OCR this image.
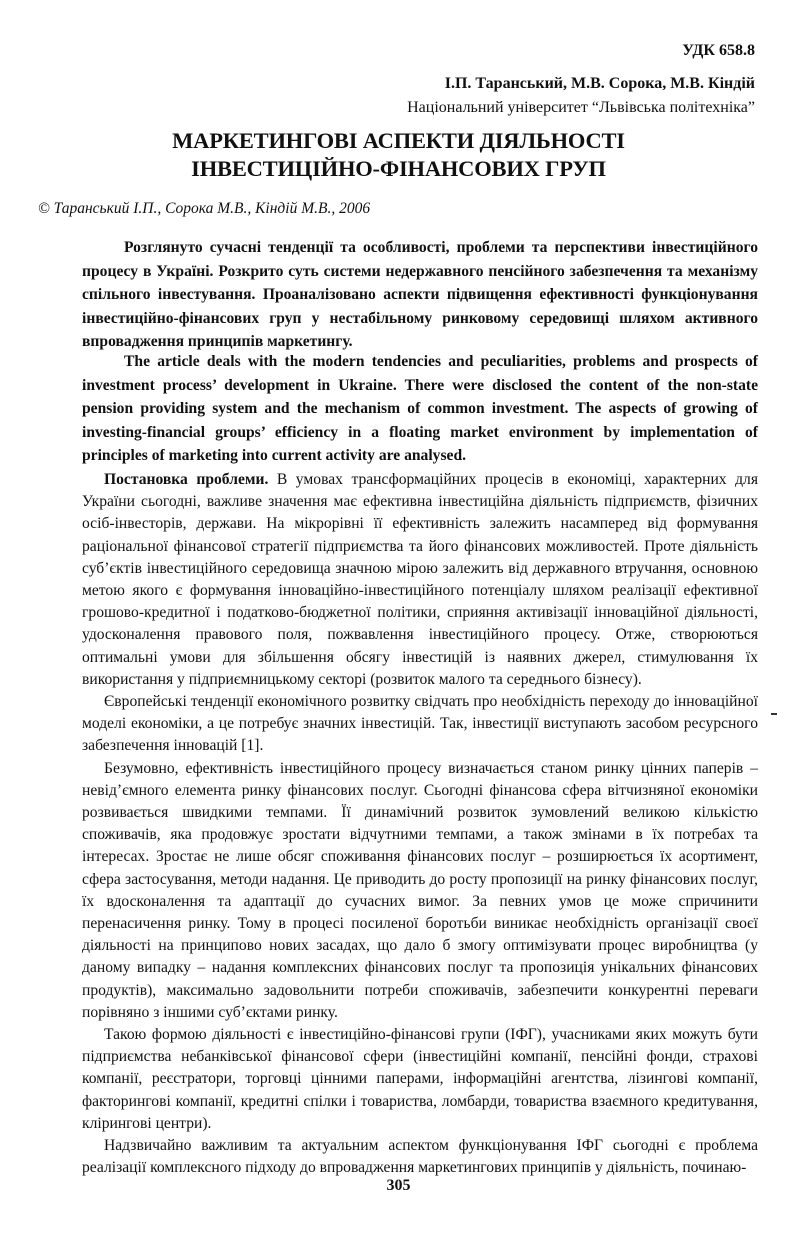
УДК 658.8
І.П. Таранський, М.В. Сорока, М.В. Кіндій
Національний університет “Львівська політехніка”
МАРКЕТИНГОВІ АСПЕКТИ ДІЯЛЬНОСТІ
ІНВЕСТИЦІЙНО-ФІНАНСОВИХ ГРУП
© Таранський І.П., Сорока М.В., Кіндій М.В., 2006

Розглянуто сучасні тенденції та особливості, проблеми та перспективи інвестиційного процесу в Україні. Розкрито суть системи недержавного пенсійного забезпечення та механізму спільного інвестування. Проаналізовано аспекти підвищення ефективності функціонування інвестиційно-фінансових груп у нестабільному ринковому середовищі шляхом активного впровадження принципів маркетингу.

The article deals with the modern tendencies and peculiarities, problems and prospects of investment process’ development in Ukraine. There were disclosed the content of the non-state pension providing system and the mechanism of common investment. The aspects of growing of investing-financial groups’ efficiency in a floating market environment by implementation of principles of marketing into current activity are analysed.

Постановка проблеми. В умовах трансформаційних процесів в економіці, характерних для України сьогодні, важливе значення має ефективна інвестиційна діяльність підприємств, фізичних осіб-інвесторів, держави. На мікрорівні її ефективність залежить насамперед від формування раціональної фінансової стратегії підприємства та його фінансових можливостей. Проте діяльність суб’єктів інвестиційного середовища значною мірою залежить від державного втручання, основною метою якого є формування інноваційно-інвестиційного потенціалу шляхом реалізації ефективної грошово-кредитної і податково-бюджетної політики, сприяння активізації інноваційної діяльності, удосконалення правового поля, пожвавлення інвестиційного процесу. Отже, створюються оптимальні умови для збільшення обсягу інвестицій із наявних джерел, стимулювання їх використання у підприємницькому секторі (розвиток малого та середнього бізнесу).

Європейські тенденції економічного розвитку свідчать про необхідність переходу до інноваційної моделі економіки, а це потребує значних інвестицій. Так, інвестиції виступають засобом ресурсного забезпечення інновацій [1].

Безумовно, ефективність інвестиційного процесу визначається станом ринку цінних паперів – невід’ємного елемента ринку фінансових послуг. Сьогодні фінансова сфера вітчизняної економіки розвивається швидкими темпами. Її динамічний розвиток зумовлений великою кількістю споживачів, яка продовжує зростати відчутними темпами, а також змінами в їх потребах та інтересах. Зростає не лише обсяг споживання фінансових послуг – розширюється їх асортимент, сфера застосування, методи надання. Це приводить до росту пропозиції на ринку фінансових послуг, їх вдосконалення та адаптації до сучасних вимог. За певних умов це може спричинити перенасичення ринку. Тому в процесі посиленої боротьби виникає необхідність організації своєї діяльності на принципово нових засадах, що дало б змогу оптимізувати процес виробництва (у даному випадку – надання комплексних фінансових послуг та пропозиція унікальних фінансових продуктів), максимально задовольнити потреби споживачів, забезпечити конкурентні переваги порівняно з іншими суб’єктами ринку.

Такою формою діяльності є інвестиційно-фінансові групи (ІФГ), учасниками яких можуть бути підприємства небанківської фінансової сфери (інвестиційні компанії, пенсійні фонди, страхові компанії, реєстратори, торговці цінними паперами, інформаційні агентства, лізингові компанії, факторингові компанії, кредитні спілки і товариства, ломбарди, товариства взаємного кредитування, клірингові центри).

Надзвичайно важливим та актуальним аспектом функціонування ІФГ сьогодні є проблема реалізації комплексного підходу до впровадження маркетингових принципів у діяльність, починаю-

305
